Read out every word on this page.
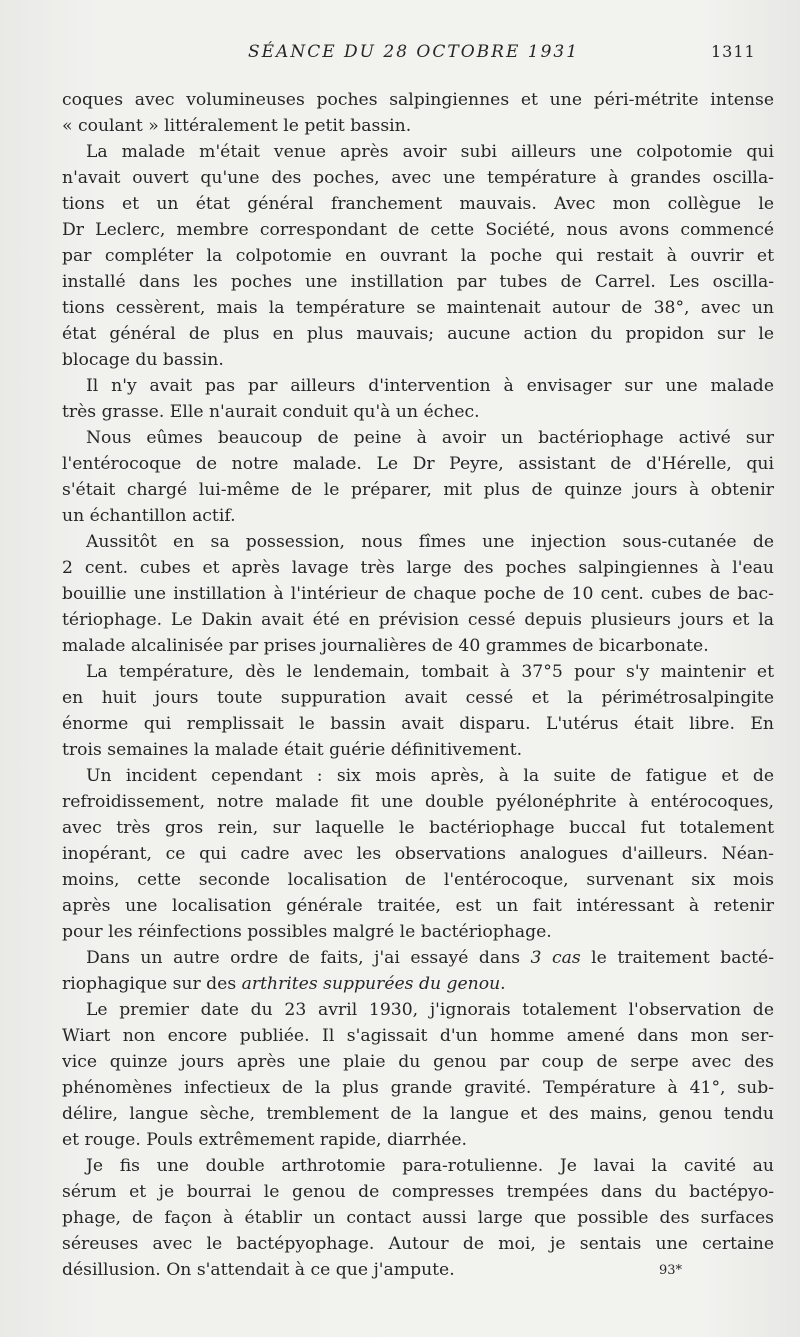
SÉANCE DU 28 OCTOBRE 1931	1311
coques avec volumineuses poches salpingiennes et une péri-métrite intense
« coulant » littéralement le petit bassin.
La malade m'était venue après avoir subi ailleurs une colpotomie qui
n'avait ouvert qu'une des poches, avec une température à grandes oscilla-
tions et un état général franchement mauvais. Avec mon collègue le
Dr Leclerc, membre correspondant de cette Société, nous avons commencé
par compléter la colpotomie en ouvrant la poche qui restait à ouvrir et
installé dans les poches une instillation par tubes de Carrel. Les oscilla-
tions cessèrent, mais la température se maintenait autour de 38°, avec un
état général de plus en plus mauvais; aucune action du propidon sur le
blocage du bassin.
Il n'y avait pas par ailleurs d'intervention à envisager sur une malade
très grasse. Elle n'aurait conduit qu'à un échec.
Nous eûmes beaucoup de peine à avoir un bactériophage activé sur
l'entérocoque de notre malade. Le Dr Peyre, assistant de d'Hérelle, qui
s'était chargé lui-même de le préparer, mit plus de quinze jours à obtenir
un échantillon actif.
Aussitôt en sa possession, nous fîmes une injection sous-cutanée de
2 cent. cubes et après lavage très large des poches salpingiennes à l'eau
bouillie une instillation à l'intérieur de chaque poche de 10 cent. cubes de bac-
tériophage. Le Dakin avait été en prévision cessé depuis plusieurs jours et la
malade alcalinisée par prises journalières de 40 grammes de bicarbonate.
La température, dès le lendemain, tombait à 37°5 pour s'y maintenir et
en huit jours toute suppuration avait cessé et la périmétrosalpingite
énorme qui remplissait le bassin avait disparu. L'utérus était libre. En
trois semaines la malade était guérie définitivement.
Un incident cependant : six mois après, à la suite de fatigue et de
refroidissement, notre malade fit une double pyélonéphrite à entérocoques,
avec très gros rein, sur laquelle le bactériophage buccal fut totalement
inopérant, ce qui cadre avec les observations analogues d'ailleurs. Néan-
moins, cette seconde localisation de l'entérocoque, survenant six mois
après une localisation générale traitée, est un fait intéressant à retenir
pour les réinfections possibles malgré le bactériophage.
Dans un autre ordre de faits, j'ai essayé dans 3 cas le traitement bacté-
riophagique sur des arthrites suppurées du genou.
Le premier date du 23 avril 1930, j'ignorais totalement l'observation de
Wiart non encore publiée. Il s'agissait d'un homme amené dans mon ser-
vice quinze jours après une plaie du genou par coup de serpe avec des
phénomènes infectieux de la plus grande gravité. Température à 41°, sub-
délire, langue sèche, tremblement de la langue et des mains, genou tendu
et rouge. Pouls extrêmement rapide, diarrhée.
Je fis une double arthrotomie para-rotulienne. Je lavai la cavité au
sérum et je bourrai le genou de compresses trempées dans du bactépyo-
phage, de façon à établir un contact aussi large que possible des surfaces
séreuses avec le bactépyophage. Autour de moi, je sentais une certaine
désillusion. On s'attendait à ce que j'ampute.	93*
